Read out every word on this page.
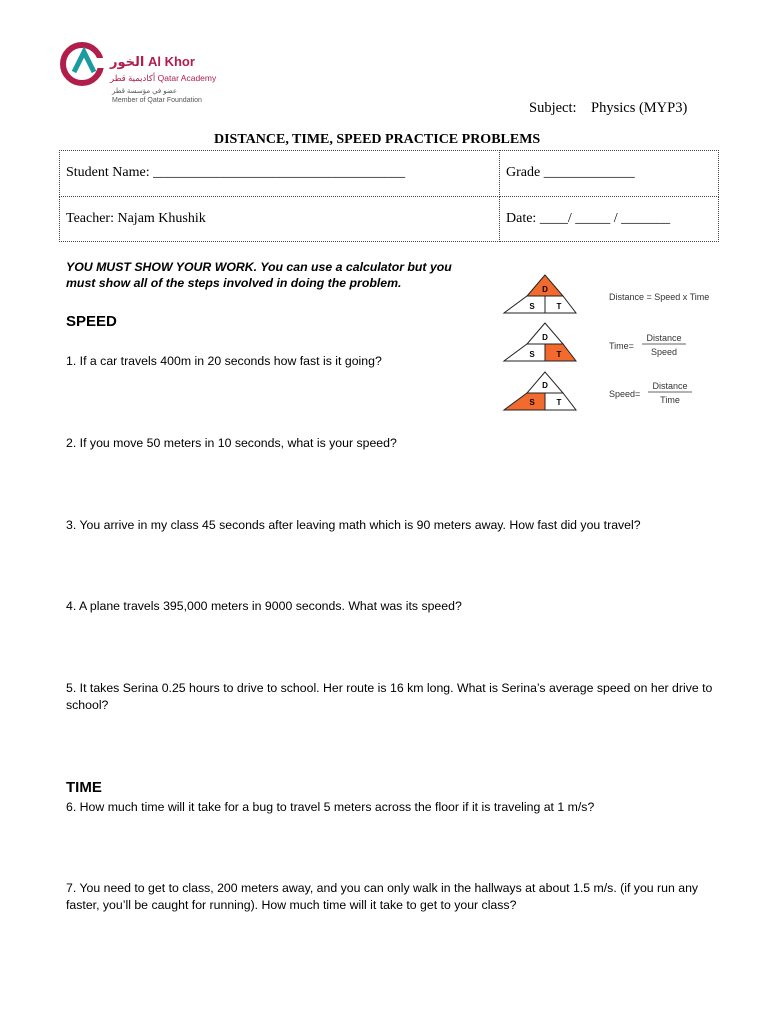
الخور Al Khor
أكاديمية قطر Qatar Academy
عضو في مؤسسة قطر
Member of Qatar Foundation	Subject:    Physics (MYP3)
DISTANCE, TIME, SPEED PRACTICE PROBLEMS
Student Name: ____________________________________	Grade _____________
Teacher: Najam Khushik	Date: ____/ _____ / _______
YOU MUST SHOW YOUR WORK. You can use a calculator but you must show all of the steps involved in doing the problem.	D
S	T
Distance = Speed x Time
D
S	T
Time=
Distance
Speed
D
S	T
Speed=
Distance
Time
SPEED
1. If a car travels 400m in 20 seconds how fast is it going?
2. If you move 50 meters in 10 seconds, what is your speed?
3. You arrive in my class 45 seconds after leaving math which is 90 meters away. How fast did you travel?
4. A plane travels 395,000 meters in 9000 seconds. What was its speed?
5. It takes Serina 0.25 hours to drive to school. Her route is 16 km long. What is Serina’s average speed on her drive to school?
TIME
6. How much time will it take for a bug to travel 5 meters across the floor if it is traveling at 1 m/s?
7. You need to get to class, 200 meters away, and you can only walk in the hallways at about 1.5 m/s. (if you run any faster, you’ll be caught for running). How much time will it take to get to your class?
